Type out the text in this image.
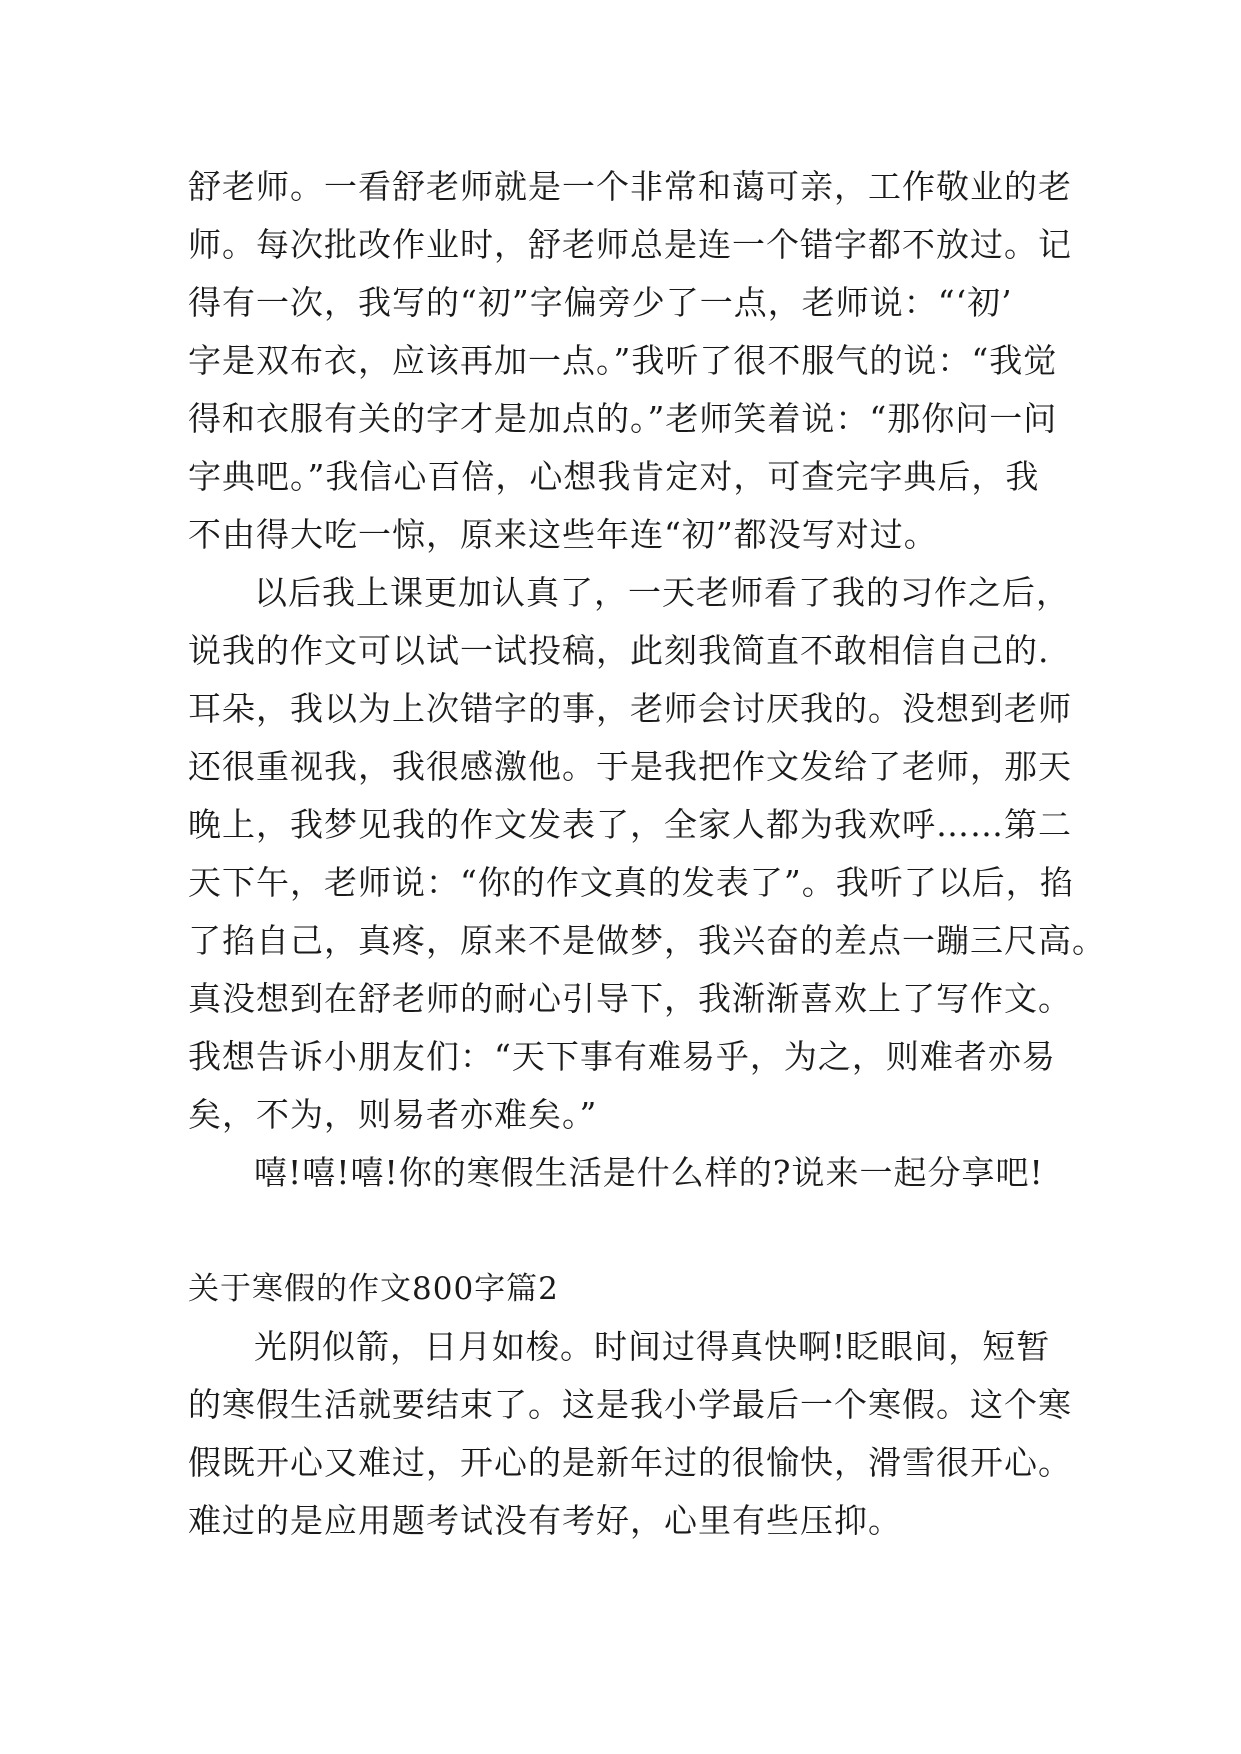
舒老师。一看舒老师就是一个非常和蔼可亲，工作敬业的老
师。每次批改作业时，舒老师总是连一个错字都不放过。记
得有一次，我写的“初”字偏旁少了一点，老师说：“‘初’
字是双布衣，应该再加一点。”我听了很不服气的说：“我觉
得和衣服有关的字才是加点的。”老师笑着说：“那你问一问
字典吧。”我信心百倍，心想我肯定对，可查完字典后，我
不由得大吃一惊，原来这些年连“初”都没写对过。
以后我上课更加认真了，一天老师看了我的习作之后，
说我的作文可以试一试投稿，此刻我简直不敢相信自己的.
耳朵，我以为上次错字的事，老师会讨厌我的。没想到老师
还很重视我，我很感激他。于是我把作文发给了老师，那天
晚上，我梦见我的作文发表了，全家人都为我欢呼……第二
天下午，老师说：“你的作文真的发表了”。我听了以后，掐
了掐自己，真疼，原来不是做梦，我兴奋的差点一蹦三尺高。
真没想到在舒老师的耐心引导下，我渐渐喜欢上了写作文。
我想告诉小朋友们：“天下事有难易乎，为之，则难者亦易
矣，不为，则易者亦难矣。”
嘻!嘻!嘻!你的寒假生活是什么样的?说来一起分享吧!
关于寒假的作文800字篇2
光阴似箭，日月如梭。时间过得真快啊!眨眼间，短暂
的寒假生活就要结束了。这是我小学最后一个寒假。这个寒
假既开心又难过，开心的是新年过的很愉快，滑雪很开心。
难过的是应用题考试没有考好，心里有些压抑。
